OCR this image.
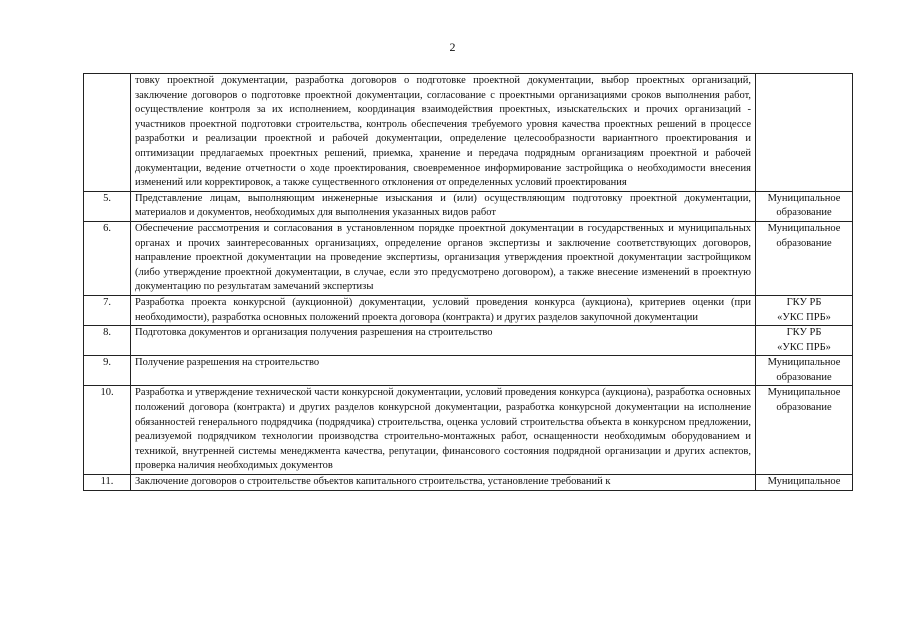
2
	товку проектной документации, разработка договоров о подготовке проектной документации, выбор проектных организаций, заключение договоров о подготовке проектной документации, согласование с проектными организациями сроков выполнения работ, осуществление контроля за их исполнением, координация взаимодействия проектных, изыскательских и прочих организаций - участников проектной подготовки строительства, контроль обеспечения требуемого уровня качества проектных решений в процессе разработки и реализации проектной и рабочей документации, определение целесообразности вариантного проектирования и оптимизации предлагаемых проектных решений, приемка, хранение и передача подрядным организациям проектной и рабочей документации, ведение отчетности о ходе проектирования, своевременное информирование застройщика о необходимости внесения изменений или корректировок, а также существенного отклонения от определенных условий проектирования	

5.	Представление лицам, выполняющим инженерные изыскания и (или) осуществляющим подготовку проектной документации, материалов и документов, необходимых для выполнения указанных видов работ	Муниципальное
образование

6.	Обеспечение рассмотрения и согласования в установленном порядке проектной документации в государственных и муниципальных органах и прочих заинтересованных организациях, определение органов экспертизы и заключение соответствующих договоров, направление проектной документации на проведение экспертизы, организация утверждения проектной документации застройщиком (либо утверждение проектной документации, в случае, если это предусмотрено договором), а также внесение изменений в проектную документацию по результатам замечаний экспертизы	Муниципальное
образование

7.	Разработка проекта конкурсной (аукционной) документации, условий проведения конкурса (аукциона), критериев оценки (при необходимости), разработка основных положений проекта договора (контракта) и других разделов закупочной документации	ГКУ РБ
«УКС ПРБ»

8.	Подготовка документов и организация получения разрешения на строительство	ГКУ РБ
«УКС ПРБ»

9.	Получение разрешения на строительство	Муниципальное
образование

10.	Разработка и утверждение технической части конкурсной документации, условий проведения конкурса (аукциона), разработка основных положений договора (контракта) и других разделов конкурсной документации, разработка конкурсной документации на исполнение обязанностей генерального подрядчика (подрядчика) строительства, оценка условий строительства объекта в конкурсном предложении, реализуемой подрядчиком технологии производства строительно-монтажных работ, оснащенности необходимым оборудованием и техникой, внутренней системы менеджмента качества, репутации, финансового состояния подрядной организации и других аспектов, проверка наличия необходимых документов	Муниципальное
образование

11.	Заключение договоров о строительстве объектов капитального строительства, установление требований к	Муниципальное
